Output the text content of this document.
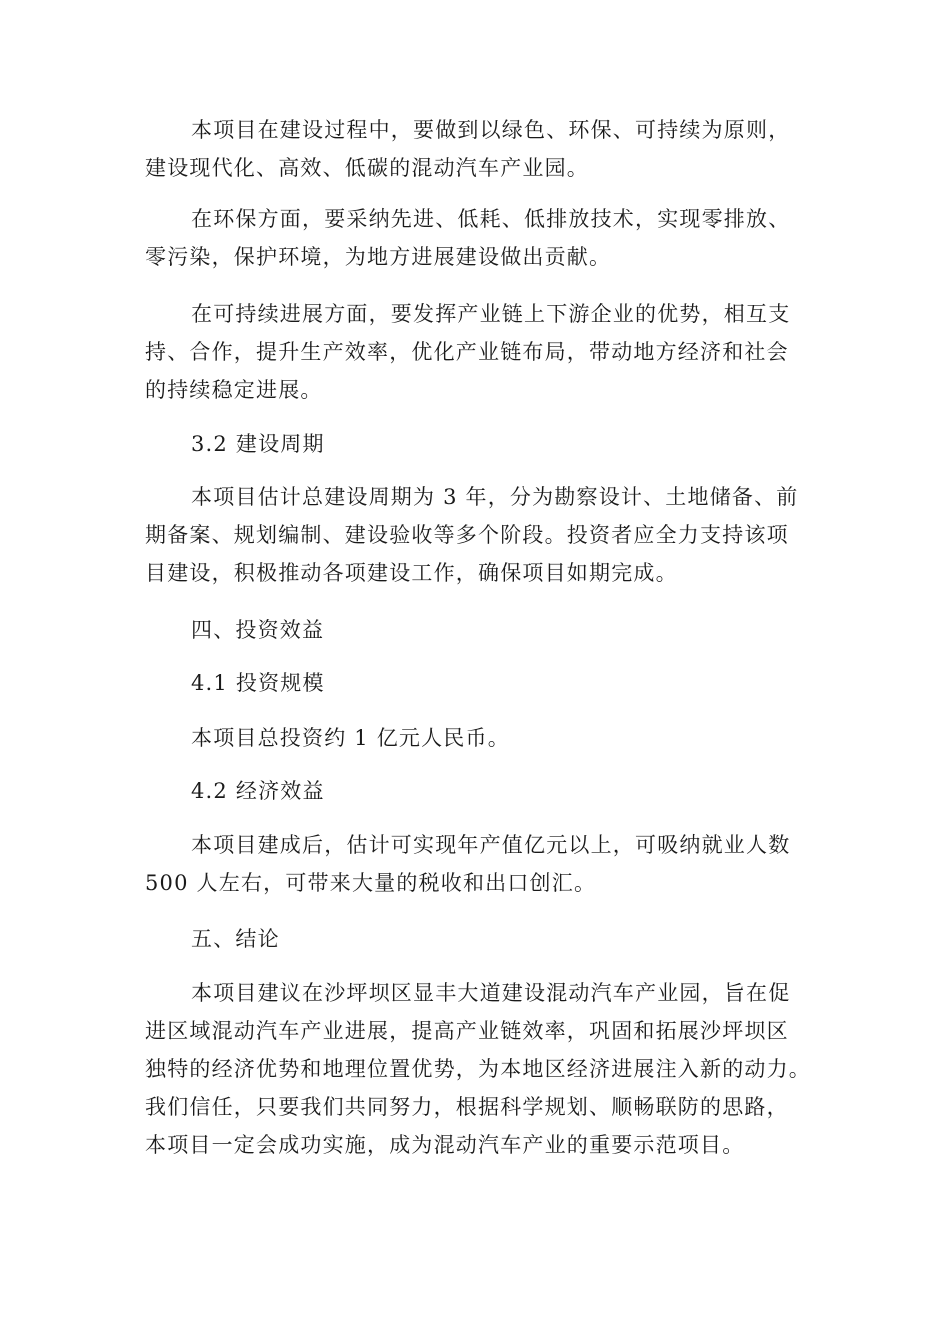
本项目在建设过程中，要做到以绿色、环保、可持续为原则，
建设现代化、高效、低碳的混动汽车产业园。
在环保方面，要采纳先进、低耗、低排放技术，实现零排放、
零污染，保护环境，为地方进展建设做出贡献。
在可持续进展方面，要发挥产业链上下游企业的优势，相互支
持、合作，提升生产效率，优化产业链布局，带动地方经济和社会
的持续稳定进展。
3.2 建设周期
本项目估计总建设周期为 3 年，分为勘察设计、土地储备、前
期备案、规划编制、建设验收等多个阶段。投资者应全力支持该项
目建设，积极推动各项建设工作，确保项目如期完成。
四、投资效益
4.1 投资规模
本项目总投资约 1 亿元人民币。
4.2 经济效益
本项目建成后，估计可实现年产值亿元以上，可吸纳就业人数
500 人左右，可带来大量的税收和出口创汇。
五、结论
本项目建议在沙坪坝区显丰大道建设混动汽车产业园，旨在促
进区域混动汽车产业进展，提高产业链效率，巩固和拓展沙坪坝区
独特的经济优势和地理位置优势，为本地区经济进展注入新的动力。
我们信任，只要我们共同努力，根据科学规划、顺畅联防的思路，
本项目一定会成功实施，成为混动汽车产业的重要示范项目。
